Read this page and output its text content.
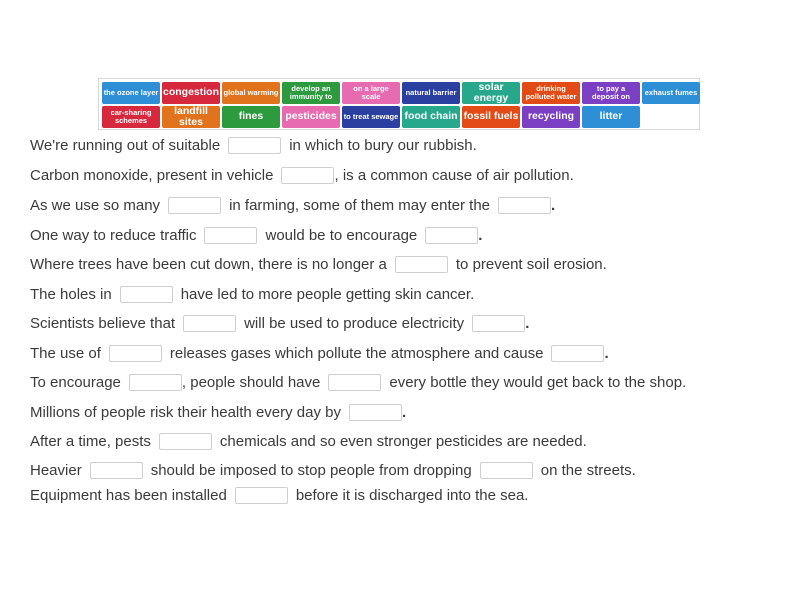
the ozone layer congestion global warming	develop an immunity to
on a large scale	natural barrier	solar energy
drinking polluted water
to pay a deposit on	exhaust fumes
car-sharing schemes
landfill sites	fines	pesticides to treat sewage food chain fossil fuels recycling	litter
We're running out of suitable	in which to bury our rubbish.
Carbon monoxide, present in vehicle	, is a common cause of air pollution.
As we use so many	in farming, some of them may enter the	.
One way to reduce traffic	would be to encourage	.
Where trees have been cut down, there is no longer a	to prevent soil erosion.
The holes in	have led to more people getting skin cancer.
Scientists believe that	will be used to produce electricity	.
The use of	releases gases which pollute the atmosphere and cause	.
To encourage	, people should have	every bottle they would get back to the shop.
Millions of people risk their health every day by	.
After a time, pests	chemicals and so even stronger pesticides are needed.
Heavier	should be imposed to stop people from dropping	on the streets.
Equipment has been installed	before it is discharged into the sea.
